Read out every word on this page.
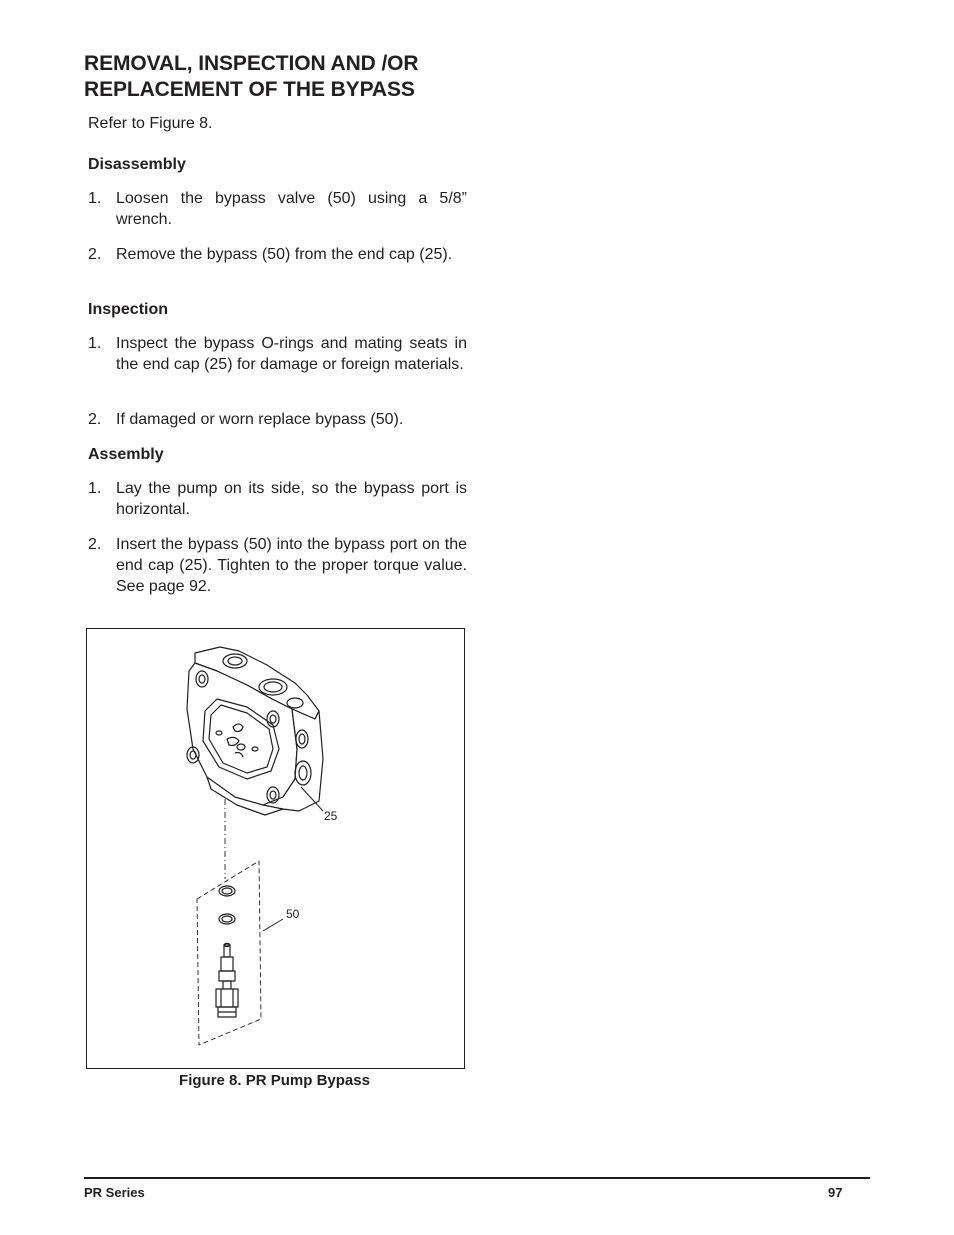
REMOVAL, INSPECTION AND /OR
REPLACEMENT OF THE BYPASS

Refer to Figure 8.

Disassembly

1. Loosen the bypass valve (50) using a 5/8” wrench.
2. Remove the bypass (50) from the end cap (25).

Inspection

1. Inspect the bypass O-rings and mating seats in the end cap (25) for damage or foreign materials.
2. If damaged or worn replace bypass (50).

Assembly

1. Lay the pump on its side, so the bypass port is horizontal.
2. Insert the bypass (50) into the bypass port on the end cap (25). Tighten to the proper torque value. See page 92.
25
50
Figure 8. PR Pump Bypass
PR Series	97
